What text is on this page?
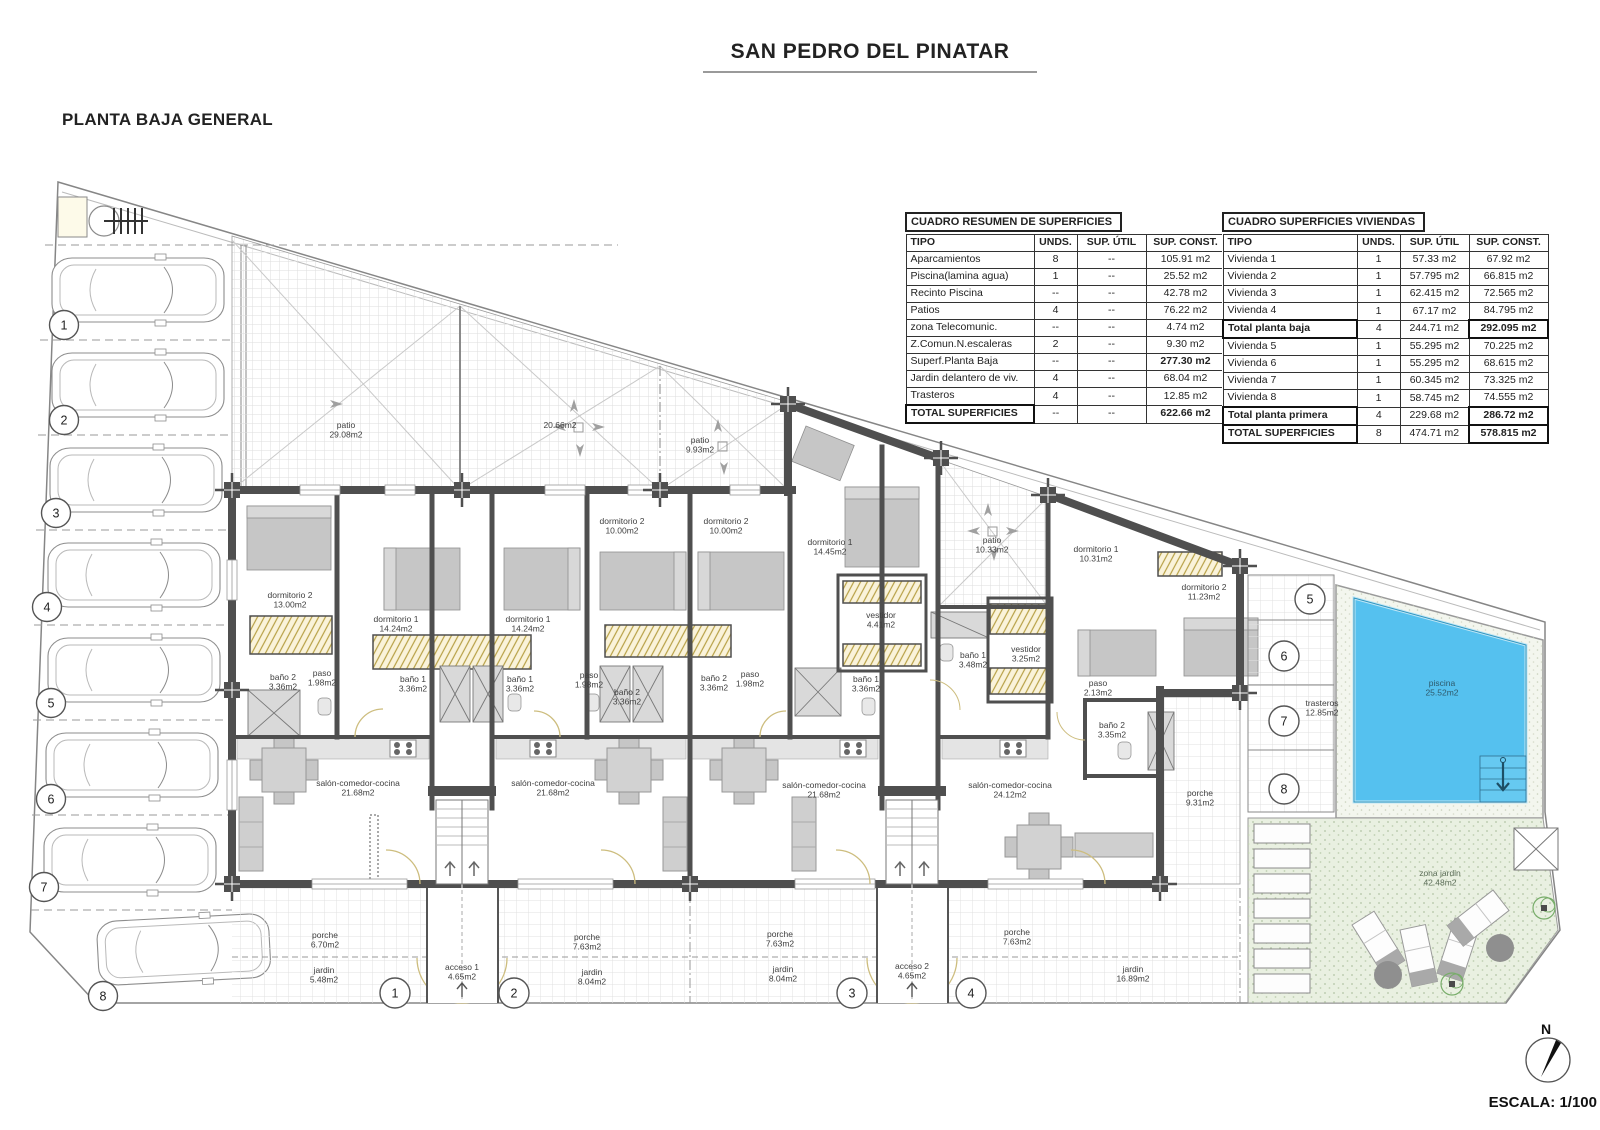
SAN PEDRO DEL PINATAR
PLANTA BAJA GENERAL
1
2
3
4
5
6
7
8	1	2	3	4
5
6
7
8
patio 29.08m2
20.66m2
patio 9.93m2
dormitorio 2 13.00m2
dormitorio 1 14.24m2
dormitorio 1 14.24m2
dormitorio 2 10.00m2
dormitorio 2 10.00m2
dormitorio 1 14.45m2
patio 10.33m2	dormitorio 1 10.31m2
dormitorio 2 11.23m2
vestidor 4.41m2
baño 1 3.48m2
vestidor 3.25m2
paso 2.13m2
baño 2 3.36m2
paso 1.98m2	baño 1 3.36m2
baño 1 3.36m2
paso 1.98m2
baño 2 3.36m2
baño 2 3.36m2
paso 1.98m2	baño 1 3.36m2
baño 2 3.35m2
salón-comedor-cocina 21.68m2
salón-comedor-cocina 21.68m2
salón-comedor-cocina 21.68m2
salón-comedor-cocina 24.12m2
porche 6.70m2
porche 7.63m2
porche 7.63m2
porche 7.63m2
porche 9.31m2
jardin 5.48m2
jardin 8.04m2
jardin 8.04m2
jardin 16.89m2
acceso 1 4.65m2
acceso 2 4.65m2
trasteros 12.85m2
piscina 25.52m2
zona jardin 42.48m2
N
ESCALA: 1/100
CUADRO RESUMEN DE SUPERFICIES
TIPO	UNDS.	SUP. ÚTIL	SUP. CONST.
Aparcamientos	8	--	105.91 m2
Piscina(lamina agua)	1	--	25.52 m2
Recinto Piscina	--	--	42.78 m2
Patios	4	--	76.22 m2
zona Telecomunic.	--	--	4.74 m2
Z.Comun.N.escaleras	2	--	9.30 m2
Superf.Planta Baja	--	--	277.30 m2
Jardin delantero de viv.	4	--	68.04 m2
Trasteros	4	--	12.85 m2
TOTAL SUPERFICIES	--	--	622.66 m2
CUADRO SUPERFICIES VIVIENDAS
TIPO	UNDS.	SUP. ÚTIL	SUP. CONST.
Vivienda 1	1	57.33 m2	67.92 m2
Vivienda 2	1	57.795 m2	66.815 m2
Vivienda 3	1	62.415 m2	72.565 m2
Vivienda 4	1	67.17 m2	84.795 m2
Total planta baja	4	244.71 m2	292.095 m2
Vivienda 5	1	55.295 m2	70.225 m2
Vivienda 6	1	55.295 m2	68.615 m2
Vivienda 7	1	60.345 m2	73.325 m2
Vivienda 8	1	58.745 m2	74.555 m2
Total planta primera	4	229.68 m2	286.72 m2
TOTAL SUPERFICIES	8	474.71 m2	578.815 m2
